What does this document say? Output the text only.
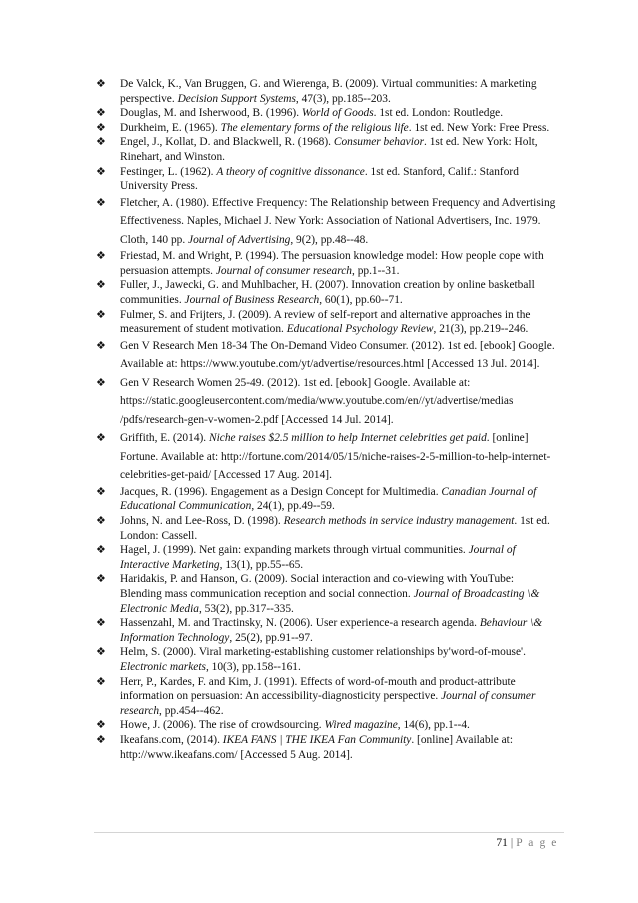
❖ De Valck, K., Van Bruggen, G. and Wierenga, B. (2009). Virtual communities: A marketing perspective. Decision Support Systems, 47(3), pp.185--203.
❖ Douglas, M. and Isherwood, B. (1996). World of Goods. 1st ed. London: Routledge.
❖ Durkheim, E. (1965). The elementary forms of the religious life. 1st ed. New York: Free Press.
❖ Engel, J., Kollat, D. and Blackwell, R. (1968). Consumer behavior. 1st ed. New York: Holt, Rinehart, and Winston.
❖ Festinger, L. (1962). A theory of cognitive dissonance. 1st ed. Stanford, Calif.: Stanford University Press.
❖ Fletcher, A. (1980). Effective Frequency: The Relationship between Frequency and Advertising Effectiveness. Naples, Michael J. New York: Association of National Advertisers, Inc. 1979. Cloth, 140 pp. Journal of Advertising, 9(2), pp.48--48.
❖ Friestad, M. and Wright, P. (1994). The persuasion knowledge model: How people cope with persuasion attempts. Journal of consumer research, pp.1--31.
❖ Fuller, J., Jawecki, G. and Muhlbacher, H. (2007). Innovation creation by online basketball communities. Journal of Business Research, 60(1), pp.60--71.
❖ Fulmer, S. and Frijters, J. (2009). A review of self-report and alternative approaches in the measurement of student motivation. Educational Psychology Review, 21(3), pp.219--246.
❖ Gen V Research Men 18-34 The On-Demand Video Consumer. (2012). 1st ed. [ebook] Google. Available at: https://www.youtube.com/yt/advertise/resources.html [Accessed 13 Jul. 2014].
❖ Gen V Research Women 25-49. (2012). 1st ed. [ebook] Google. Available at: https://static.googleusercontent.com/media/www.youtube.com/en//yt/advertise/medias /pdfs/research-gen-v-women-2.pdf [Accessed 14 Jul. 2014].
❖ Griffith, E. (2014). Niche raises $2.5 million to help Internet celebrities get paid. [online] Fortune. Available at: http://fortune.com/2014/05/15/niche-raises-2-5-million-to-help-internet-celebrities-get-paid/ [Accessed 17 Aug. 2014].
❖ Jacques, R. (1996). Engagement as a Design Concept for Multimedia. Canadian Journal of Educational Communication, 24(1), pp.49--59.
❖ Johns, N. and Lee-Ross, D. (1998). Research methods in service industry management. 1st ed. London: Cassell.
❖ Hagel, J. (1999). Net gain: expanding markets through virtual communities. Journal of Interactive Marketing, 13(1), pp.55--65.
❖ Haridakis, P. and Hanson, G. (2009). Social interaction and co-viewing with YouTube: Blending mass communication reception and social connection. Journal of Broadcasting \& Electronic Media, 53(2), pp.317--335.
❖ Hassenzahl, M. and Tractinsky, N. (2006). User experience-a research agenda. Behaviour \& Information Technology, 25(2), pp.91--97.
❖ Helm, S. (2000). Viral marketing-establishing customer relationships by'word-of-mouse'. Electronic markets, 10(3), pp.158--161.
❖ Herr, P., Kardes, F. and Kim, J. (1991). Effects of word-of-mouth and product-attribute information on persuasion: An accessibility-diagnosticity perspective. Journal of consumer research, pp.454--462.
❖ Howe, J. (2006). The rise of crowdsourcing. Wired magazine, 14(6), pp.1--4.
❖ Ikeafans.com, (2014). IKEA FANS | THE IKEA Fan Community. [online] Available at: http://www.ikeafans.com/ [Accessed 5 Aug. 2014].
71 | P a g e
